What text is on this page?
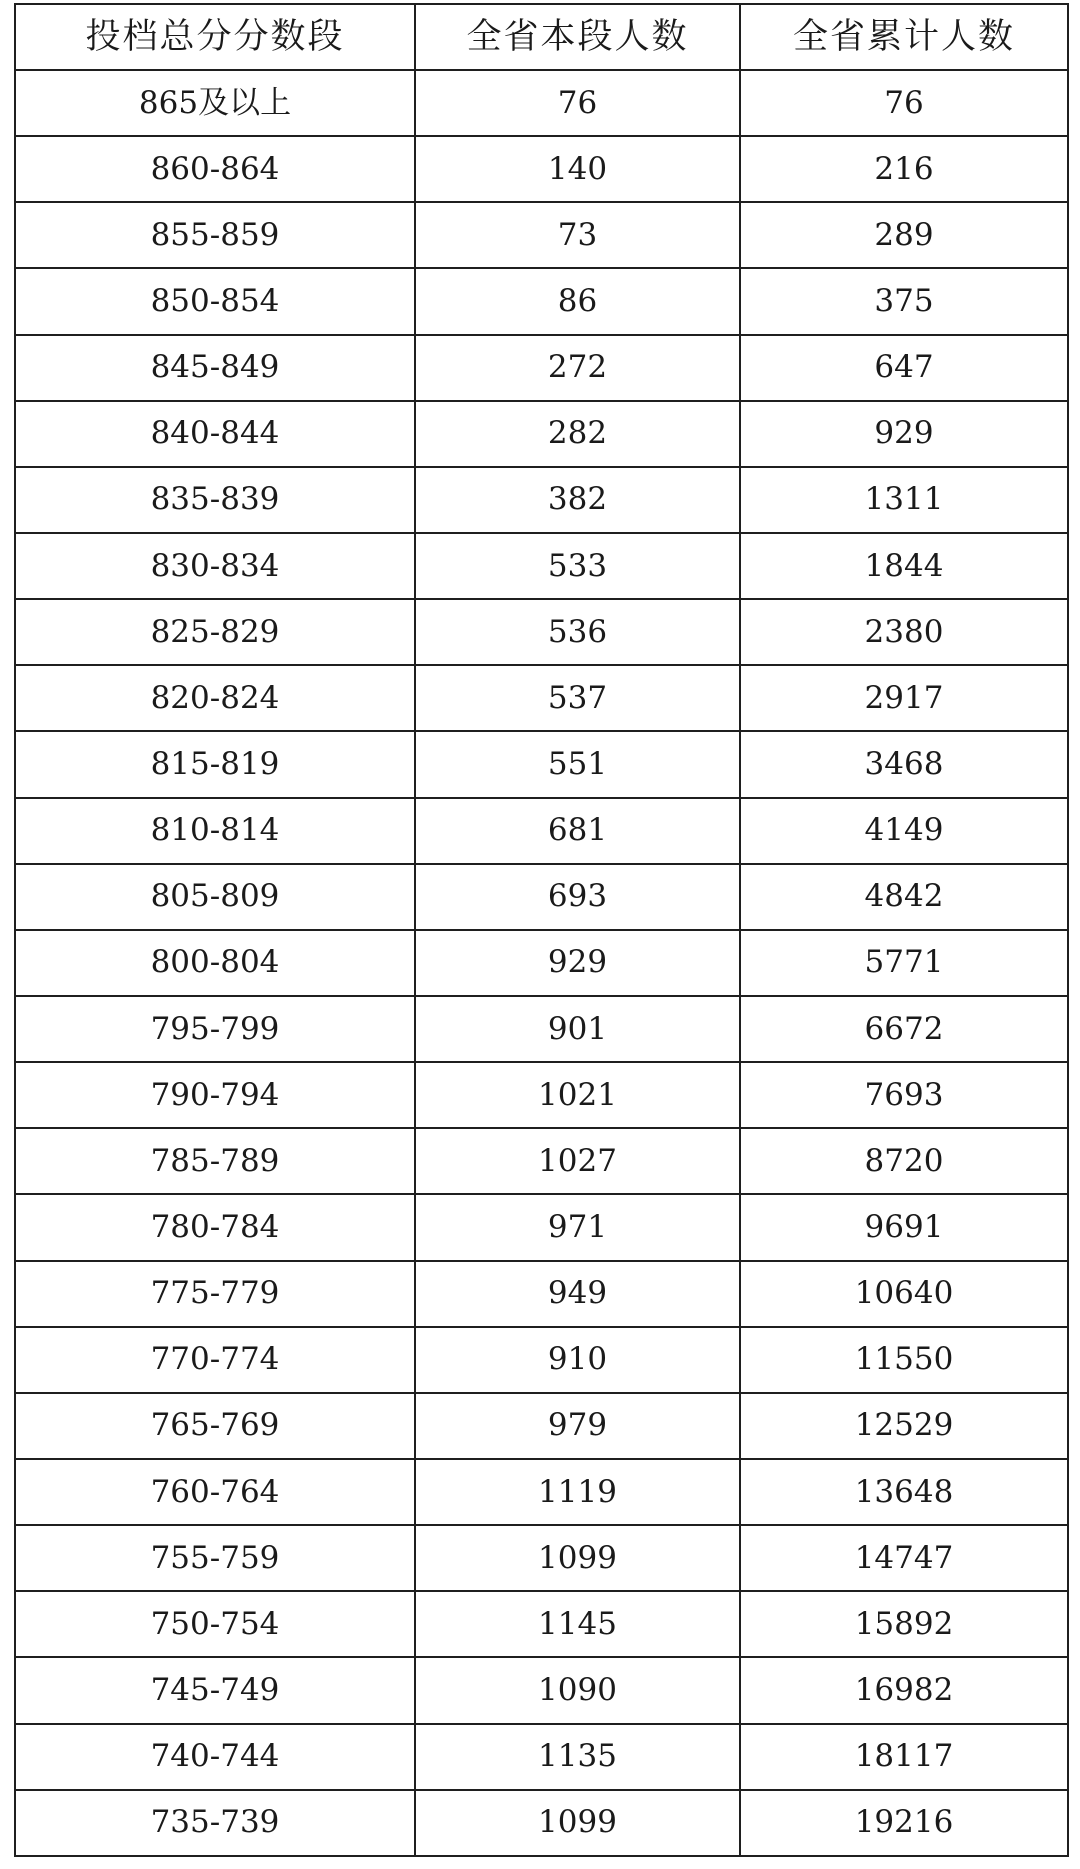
投档总分分数段	全省本段人数	全省累计人数
865及以上	76	76
860-864	140	216
855-859	73	289
850-854	86	375
845-849	272	647
840-844	282	929
835-839	382	1311
830-834	533	1844
825-829	536	2380
820-824	537	2917
815-819	551	3468
810-814	681	4149
805-809	693	4842
800-804	929	5771
795-799	901	6672
790-794	1021	7693
785-789	1027	8720
780-784	971	9691
775-779	949	10640
770-774	910	11550
765-769	979	12529
760-764	1119	13648
755-759	1099	14747
750-754	1145	15892
745-749	1090	16982
740-744	1135	18117
735-739	1099	19216
